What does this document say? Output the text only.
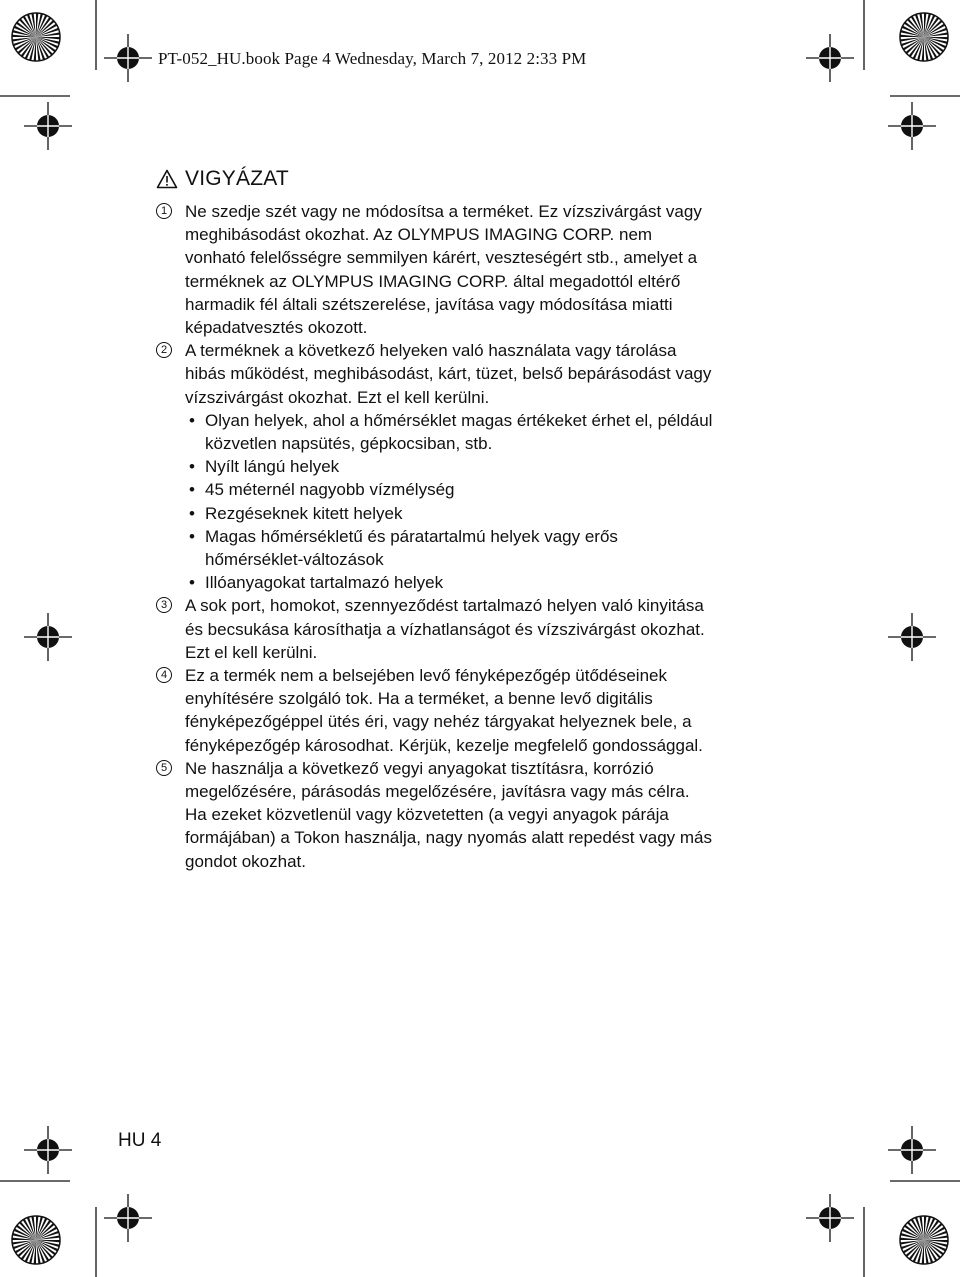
PT-052_HU.book Page 4 Wednesday, March 7, 2012 2:33 PM
VIGYÁZAT
1 Ne szedje szét vagy ne módosítsa a terméket. Ez vízszivárgást vagy
meghibásodást okozhat. Az OLYMPUS IMAGING CORP. nem
vonható felelősségre semmilyen kárért, veszteségért stb., amelyet a
terméknek az OLYMPUS IMAGING CORP. által megadottól eltérő
harmadik fél általi szétszerelése, javítása vagy módosítása miatti
képadatvesztés okozott.
2 A terméknek a következő helyeken való használata vagy tárolása
hibás működést, meghibásodást, kárt, tüzet, belső bepárásodást vagy
vízszivárgást okozhat. Ezt el kell kerülni.
• Olyan helyek, ahol a hőmérséklet magas értékeket érhet el, például
közvetlen napsütés, gépkocsiban, stb.
• Nyílt lángú helyek
• 45 méternél nagyobb vízmélység
• Rezgéseknek kitett helyek
• Magas hőmérsékletű és páratartalmú helyek vagy erős
hőmérséklet-változások
• Illóanyagokat tartalmazó helyek
3 A sok port, homokot, szennyeződést tartalmazó helyen való kinyitása
és becsukása károsíthatja a vízhatlanságot és vízszivárgást okozhat.
Ezt el kell kerülni.
4 Ez a termék nem a belsejében levő fényképezőgép ütődéseinek
enyhítésére szolgáló tok. Ha a terméket, a benne levő digitális
fényképezőgéppel ütés éri, vagy nehéz tárgyakat helyeznek bele, a
fényképezőgép károsodhat. Kérjük, kezelje megfelelő gondossággal.
5 Ne használja a következő vegyi anyagokat tisztításra, korrózió
megelőzésére, párásodás megelőzésére, javításra vagy más célra.
Ha ezeket közvetlenül vagy közvetetten (a vegyi anyagok párája
formájában) a Tokon használja, nagy nyomás alatt repedést vagy más
gondot okozhat.
HU 4
